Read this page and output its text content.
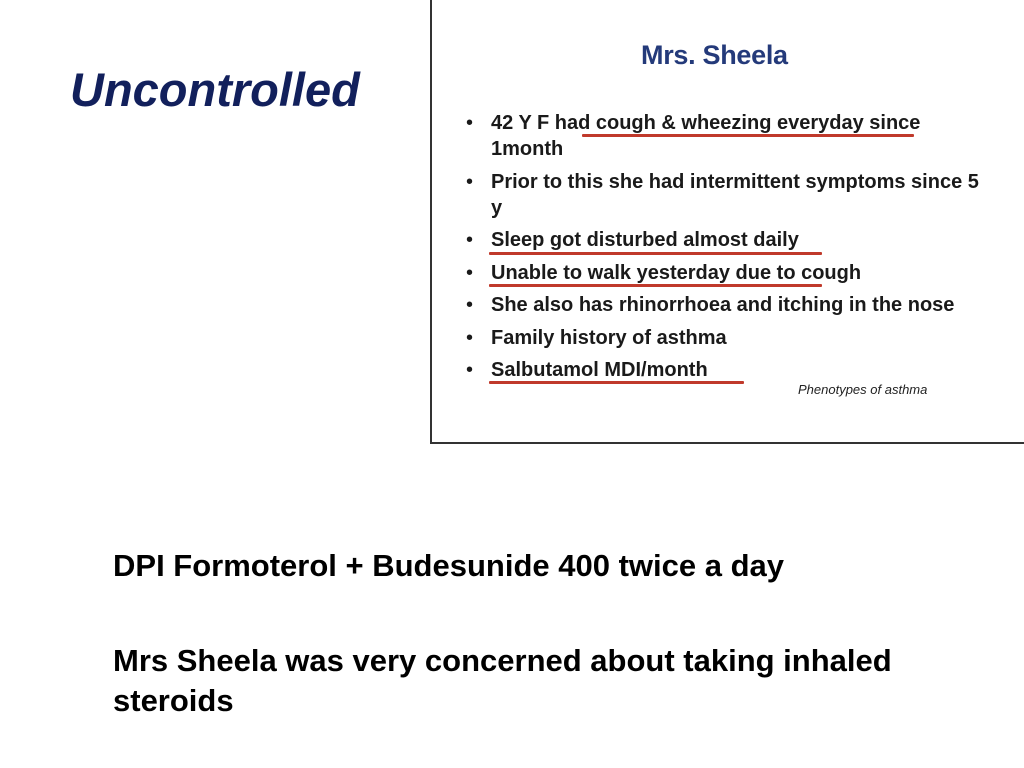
Uncontrolled
Mrs. Sheela
• 42 Y F had cough & wheezing everyday since 1month
• Prior to this she had intermittent symptoms since 5 y
• Sleep got disturbed almost daily
• Unable to walk yesterday due to cough
• She also has rhinorrhoea and itching in the nose
• Family history of asthma
• Salbutamol MDI/month
Phenotypes of asthma
DPI Formoterol + Budesunide 400 twice a day
Mrs Sheela was very concerned about taking inhaled steroids
